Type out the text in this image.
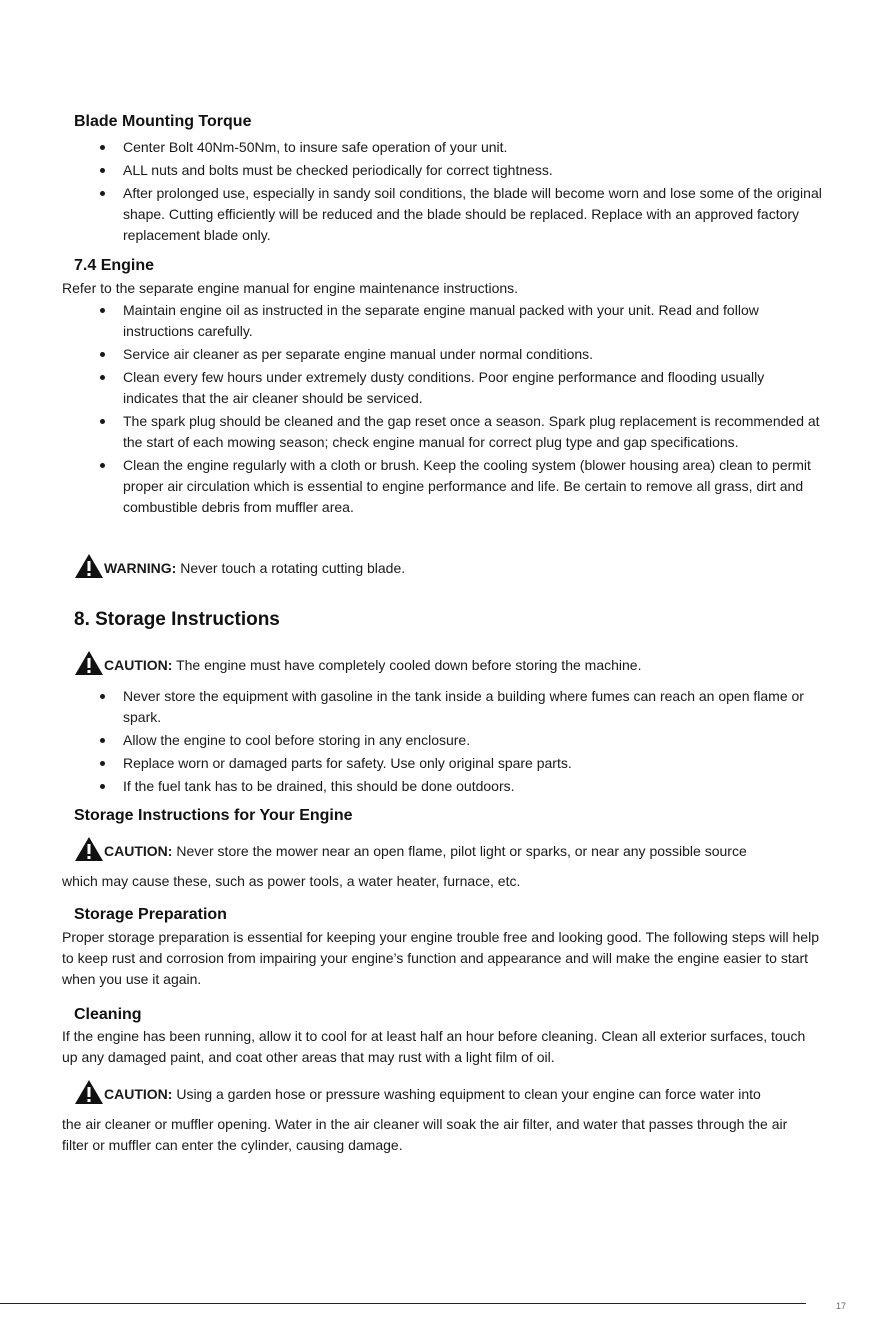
Blade Mounting Torque
Center Bolt 40Nm-50Nm, to insure safe operation of your unit.
ALL nuts and bolts must be checked periodically for correct tightness.
After prolonged use, especially in sandy soil conditions, the blade will become worn and lose some of the original shape. Cutting efficiently will be reduced and the blade should be replaced. Replace with an approved factory replacement blade only.
7.4 Engine
Refer to the separate engine manual for engine maintenance instructions.
Maintain engine oil as instructed in the separate engine manual packed with your unit. Read and follow instructions carefully.
Service air cleaner as per separate engine manual under normal conditions.
Clean every few hours under extremely dusty conditions. Poor engine performance and flooding usually indicates that the air cleaner should be serviced.
The spark plug should be cleaned and the gap reset once a season. Spark plug replacement is recommended at the start of each mowing season; check engine manual for correct plug type and gap specifications.
Clean the engine regularly with a cloth or brush. Keep the cooling system (blower housing area) clean to permit proper air circulation which is essential to engine performance and life. Be certain to remove all grass, dirt and combustible debris from muffler area.
WARNING: Never touch a rotating cutting blade.
8. Storage Instructions
CAUTION: The engine must have completely cooled down before storing the machine.
Never store the equipment with gasoline in the tank inside a building where fumes can reach an open flame or spark.
Allow the engine to cool before storing in any enclosure.
Replace worn or damaged parts for safety. Use only original spare parts.
If the fuel tank has to be drained, this should be done outdoors.
Storage Instructions for Your Engine
CAUTION: Never store the mower near an open flame, pilot light or sparks, or near any possible source
which may cause these, such as power tools, a water heater, furnace, etc.
Storage Preparation
Proper storage preparation is essential for keeping your engine trouble free and looking good. The following steps will help to keep rust and corrosion from impairing your engine’s function and appearance and will make the engine easier to start when you use it again.
Cleaning
If the engine has been running, allow it to cool for at least half an hour before cleaning. Clean all exterior surfaces, touch up any damaged paint, and coat other areas that may rust with a light film of oil.
CAUTION: Using a garden hose or pressure washing equipment to clean your engine can force water into
the air cleaner or muffler opening. Water in the air cleaner will soak the air filter, and water that passes through the air filter or muffler can enter the cylinder, causing damage.
17
